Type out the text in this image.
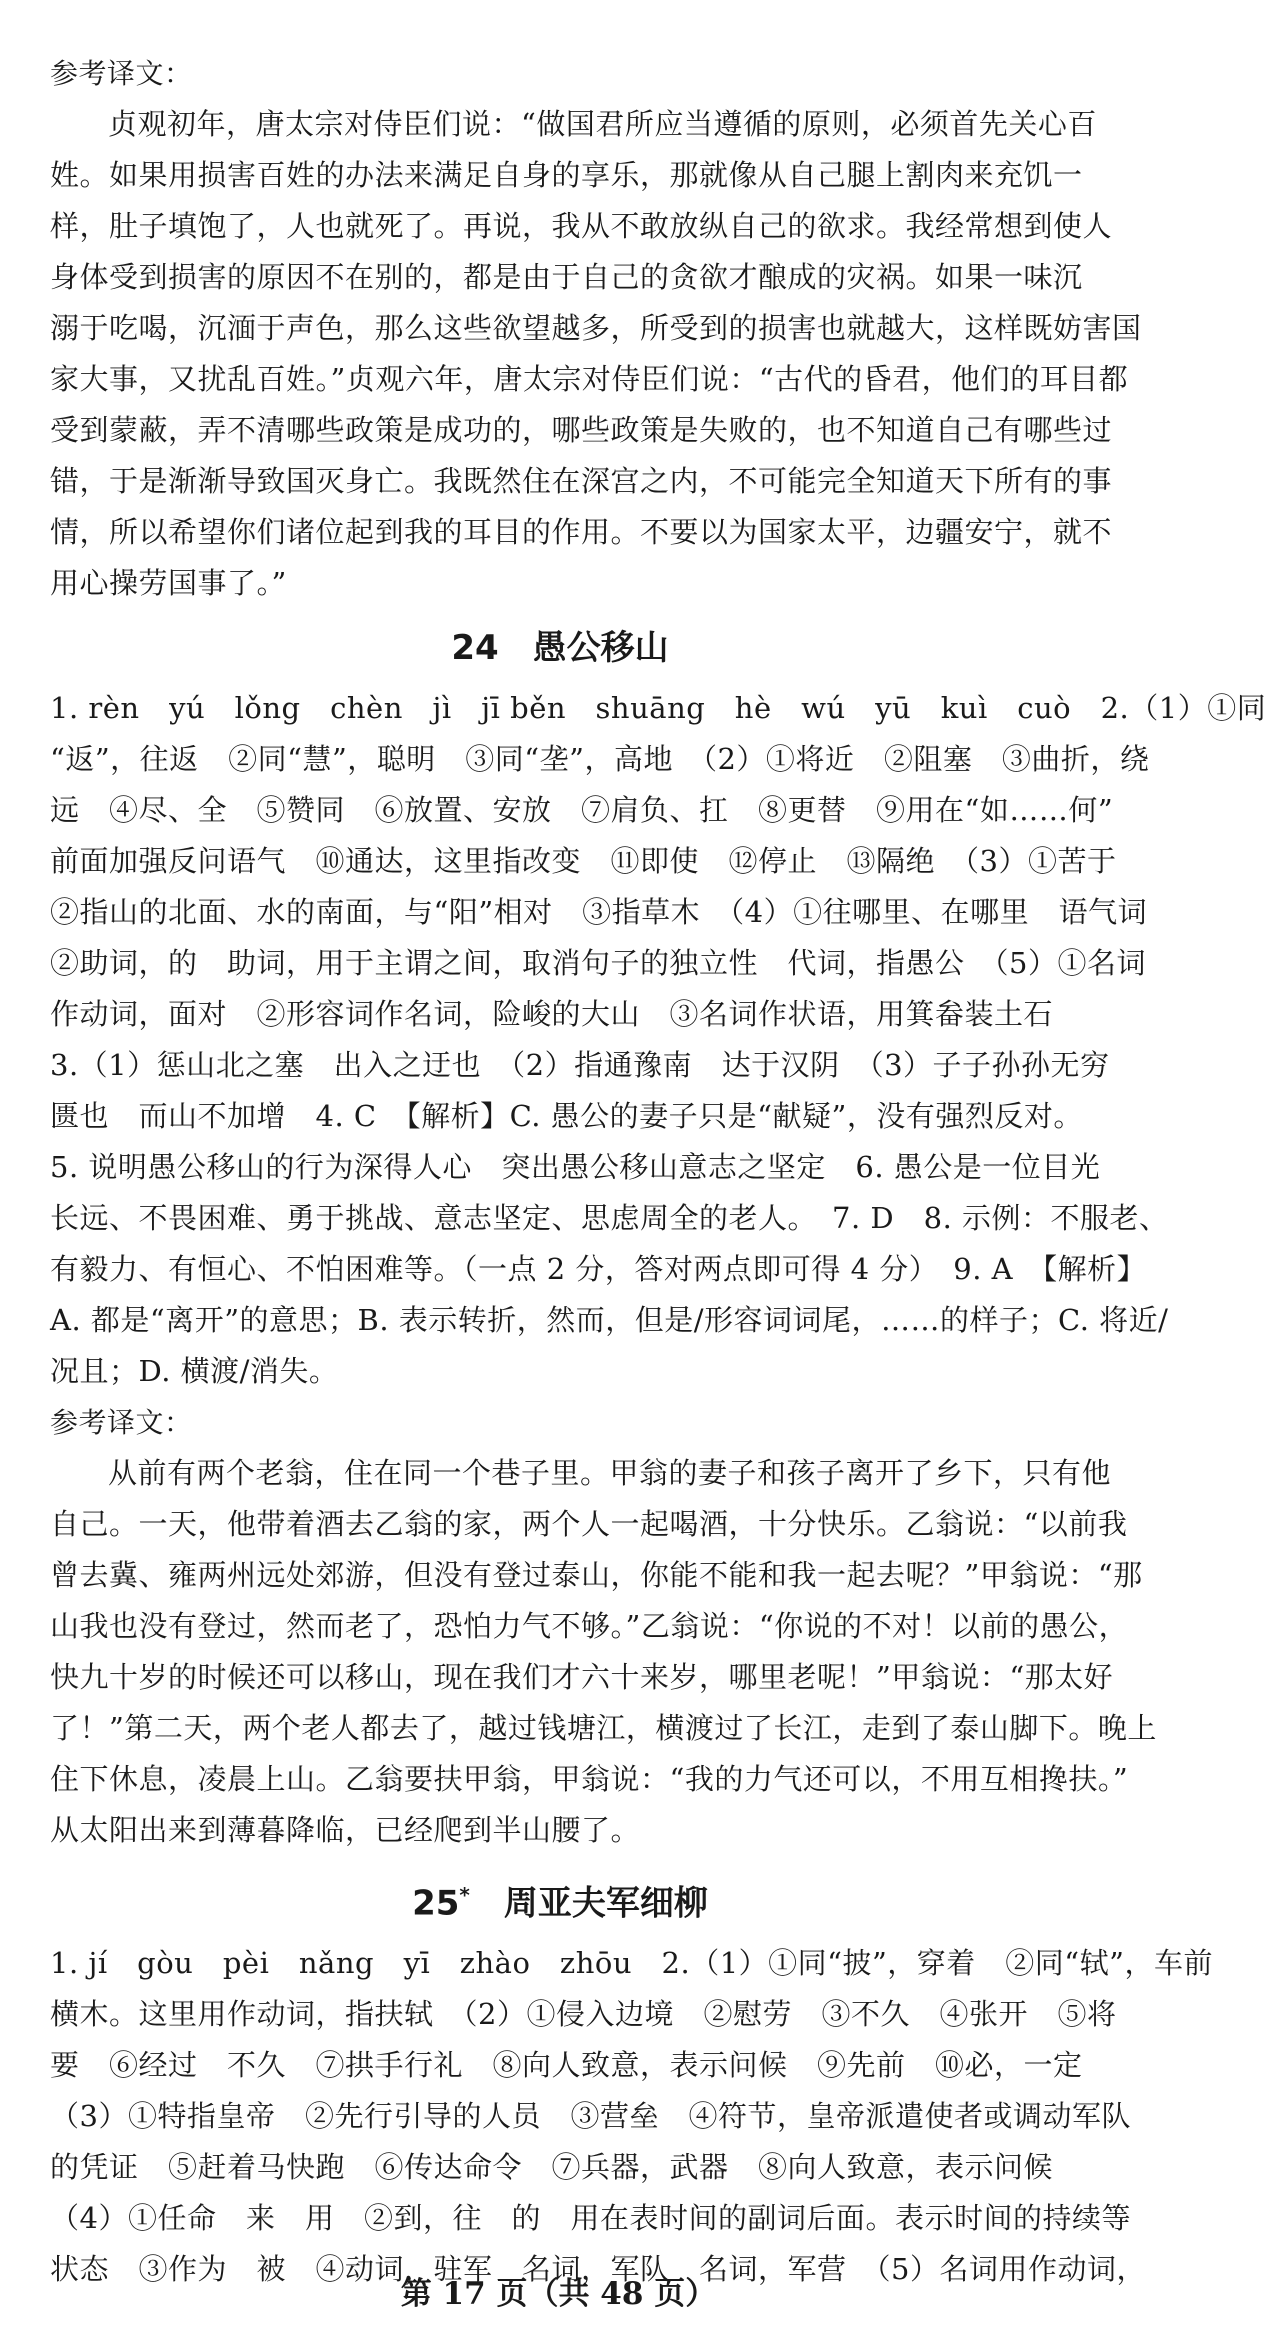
参考译文：

贞观初年，唐太宗对侍臣们说：“做国君所应当遵循的原则，必须首先关心百

姓。如果用损害百姓的办法来满足自身的享乐，那就像从自己腿上割肉来充饥一

样，肚子填饱了，人也就死了。再说，我从不敢放纵自己的欲求。我经常想到使人

身体受到损害的原因不在别的，都是由于自己的贪欲才酿成的灾祸。如果一味沉

溺于吃喝，沉湎于声色，那么这些欲望越多，所受到的损害也就越大，这样既妨害国

家大事，又扰乱百姓。”贞观六年，唐太宗对侍臣们说：“古代的昏君，他们的耳目都

受到蒙蔽，弄不清哪些政策是成功的，哪些政策是失败的，也不知道自己有哪些过

错，于是渐渐导致国灭身亡。我既然住在深宫之内，不可能完全知道天下所有的事

情，所以希望你们诸位起到我的耳目的作用。不要以为国家太平，边疆安宁，就不

用心操劳国事了。”

24　愚公移山

1. rèn　yú　lǒng　chèn　jì　jī běn　shuāng　hè　wú　yū　kuì　cuò　2.（1）①同

“返”，往返　②同“慧”，聪明　③同“垄”，高地　（2）①将近　②阻塞　③曲折，绕

远　④尽、全　⑤赞同　⑥放置、安放　⑦肩负、扛　⑧更替　⑨用在“如……何”

前面加强反问语气　⑩通达，这里指改变　⑪即使　⑫停止　⑬隔绝　（3）①苦于

②指山的北面、水的南面，与“阳”相对　③指草木　（4）①往哪里、在哪里　语气词

②助词，的　助词，用于主谓之间，取消句子的独立性　代词，指愚公　（5）①名词

作动词，面对　②形容词作名词，险峻的大山　③名词作状语，用箕畚装土石

3.（1）惩山北之塞　出入之迂也　（2）指通豫南　达于汉阴　（3）子子孙孙无穷

匮也　而山不加增　4. C　【解析】C. 愚公的妻子只是“献疑”，没有强烈反对。

5. 说明愚公移山的行为深得人心　突出愚公移山意志之坚定　6. 愚公是一位目光

长远、不畏困难、勇于挑战、意志坚定、思虑周全的老人。　7. D　8. 示例：不服老、

有毅力、有恒心、不怕困难等。（一点 2 分，答对两点即可得 4 分）　9. A　【解析】

A. 都是“离开”的意思；B. 表示转折，然而，但是/形容词词尾，……的样子；C. 将近/

况且；D. 横渡/消失。

参考译文：

从前有两个老翁，住在同一个巷子里。甲翁的妻子和孩子离开了乡下，只有他

自己。一天，他带着酒去乙翁的家，两个人一起喝酒，十分快乐。乙翁说：“以前我

曾去冀、雍两州远处郊游，但没有登过泰山，你能不能和我一起去呢？”甲翁说：“那

山我也没有登过，然而老了，恐怕力气不够。”乙翁说：“你说的不对！以前的愚公，

快九十岁的时候还可以移山，现在我们才六十来岁，哪里老呢！”甲翁说：“那太好

了！”第二天，两个老人都去了，越过钱塘江，横渡过了长江，走到了泰山脚下。晚上

住下休息，凌晨上山。乙翁要扶甲翁，甲翁说：“我的力气还可以，不用互相搀扶。”

从太阳出来到薄暮降临，已经爬到半山腰了。

25*　 周亚夫军细柳

1. jí　gòu　pèi　nǎng　yī　zhào　zhōu　2.（1）①同“披”，穿着　②同“轼”，车前

横木。这里用作动词，指扶轼　（2）①侵入边境　②慰劳　③不久　④张开　⑤将

要　⑥经过　不久　⑦拱手行礼　⑧向人致意，表示问候　⑨先前　⑩必，一定

（3）①特指皇帝　②先行引导的人员　③营垒　④符节，皇帝派遣使者或调动军队

的凭证　⑤赶着马快跑　⑥传达命令　⑦兵器，武器　⑧向人致意，表示问候

（4）①任命　来　用　②到，往　的　用在表时间的副词后面。表示时间的持续等

状态　③作为　被　④动词，驻军　名词，军队　名词，军营　（5）名词用作动词，

第 17 页（共 48 页）
